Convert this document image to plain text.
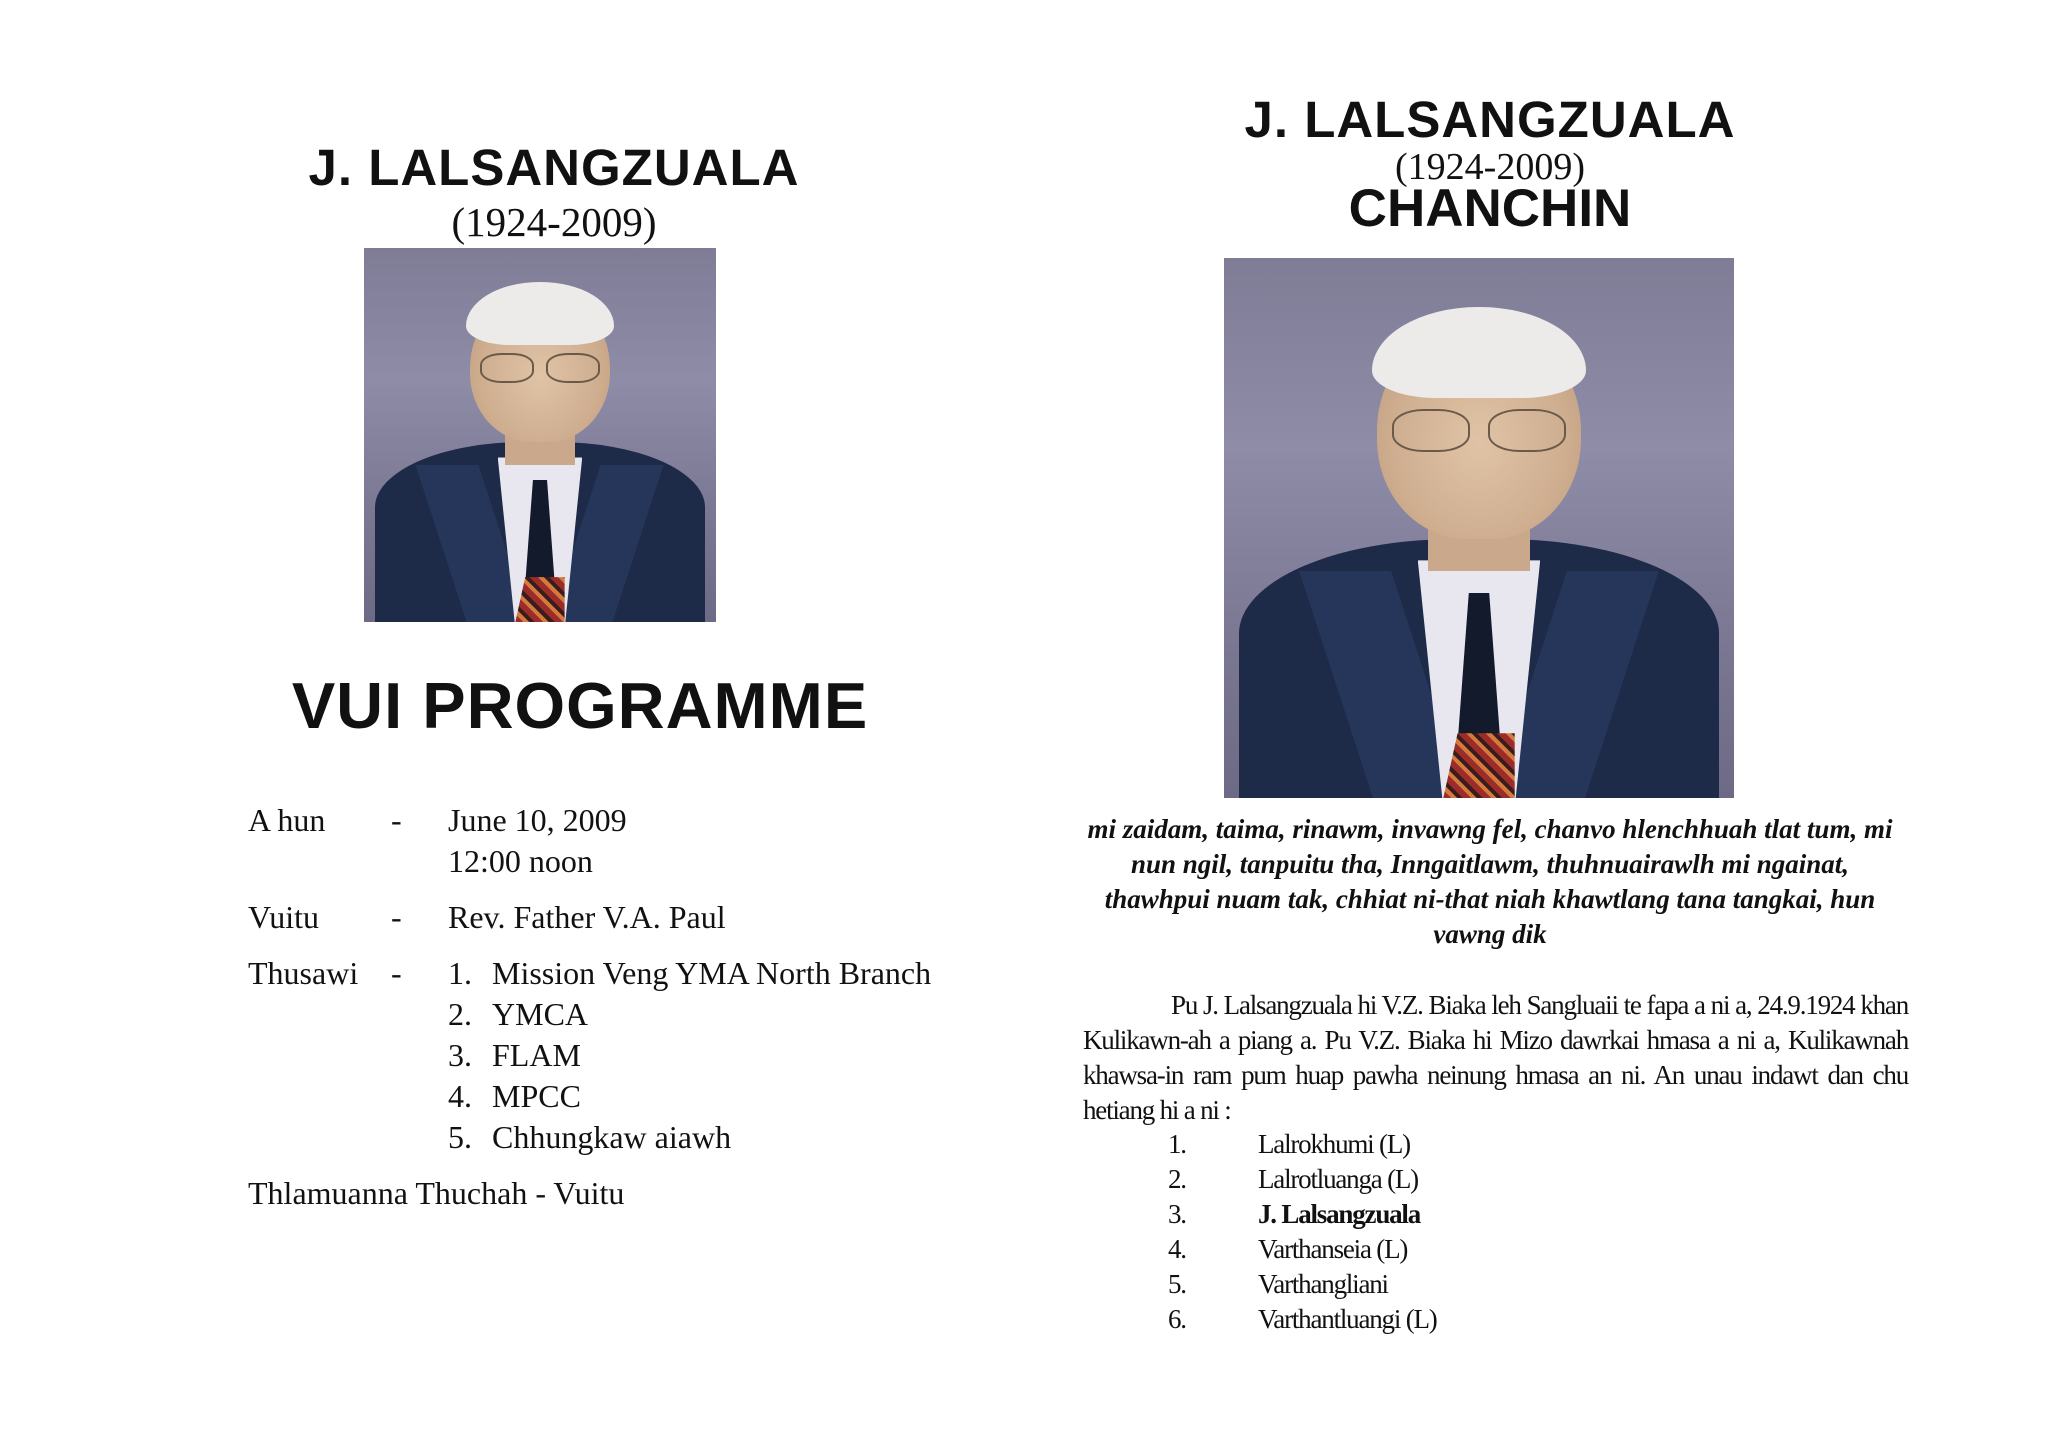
J. LALSANGZUALA
(1924-2009)
VUI PROGRAMME
A hun - June 10, 2009
12:00 noon
Vuitu - Rev. Father V.A. Paul
Thusawi - 1. Mission Veng YMA North Branch
2. YMCA
3. FLAM
4. MPCC
5. Chhungkaw aiawh
Thlamuanna Thuchah - Vuitu
J. LALSANGZUALA
(1924-2009)
CHANCHIN
mi zaidam, taima, rinawm, invawng fel, chanvo hlenchhuah tlat tum, mi nun ngil, tanpuitu tha, Inngaitlawm, thuhnuairawlh mi ngainat, thawhpui nuam tak, chhiat ni-that niah khawtlang tana tangkai, hun vawng dik
Pu J. Lalsangzuala hi V.Z. Biaka leh Sangluaii te fapa a ni a, 24.9.1924 khan Kulikawn-ah a piang a. Pu V.Z. Biaka hi Mizo dawrkai hmasa a ni a, Kulikawnah khawsa-in ram pum huap pawha neinung hmasa an ni. An unau indawt dan chu hetiang hi a ni :
1.	Lalrokhumi (L)
2.	Lalrotluanga (L)
3.	J. Lalsangzuala
4.	Varthanseia (L)
5.	Varthangliani
6.	Varthantluangi (L)
